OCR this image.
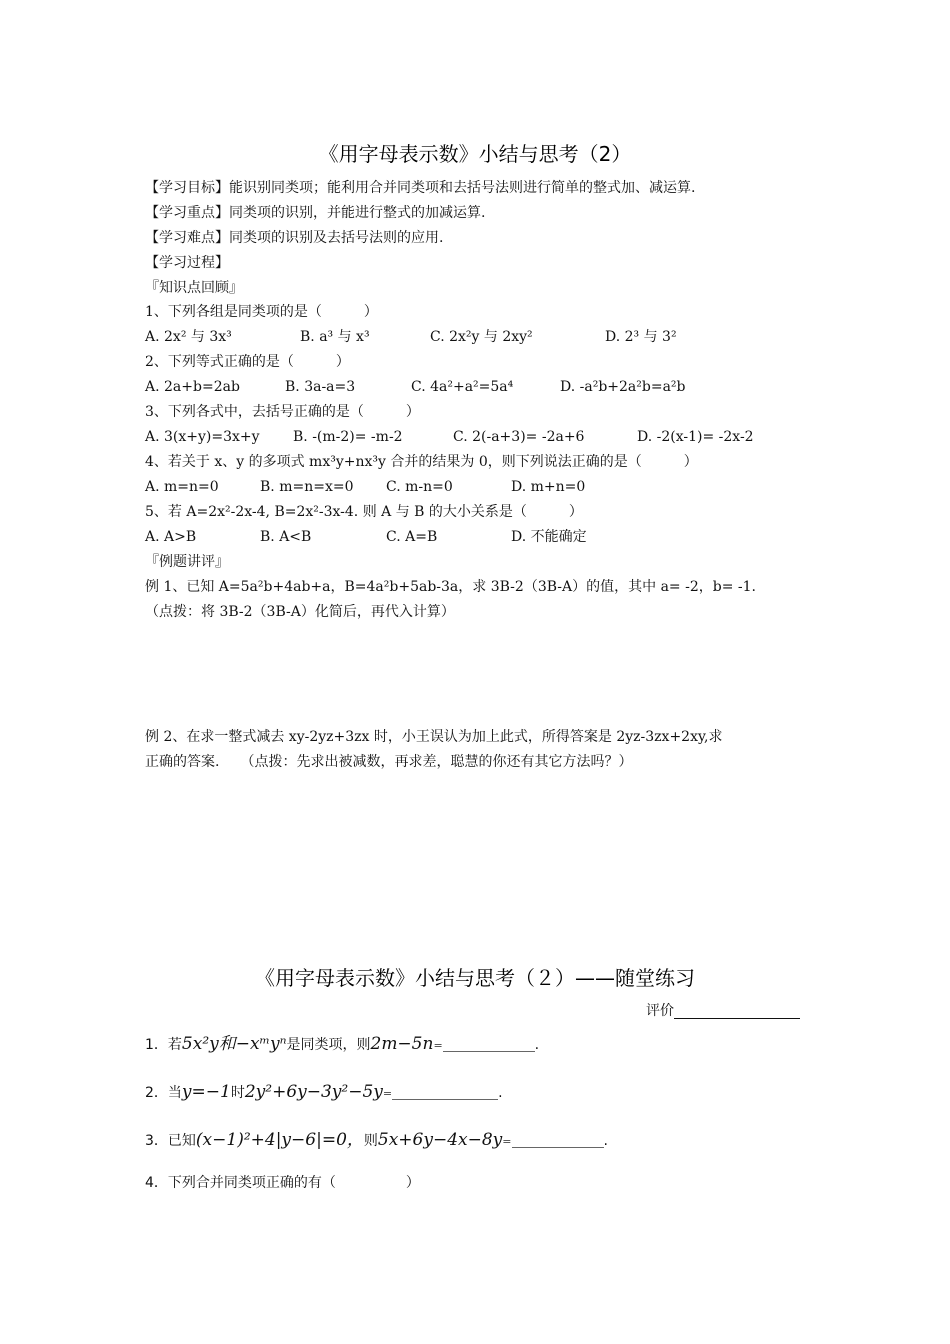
《用字母表示数》小结与思考（2）
【学习目标】能识别同类项；能利用合并同类项和去括号法则进行简单的整式加、减运算.
【学习重点】同类项的识别，并能进行整式的加减运算.
【学习难点】同类项的识别及去括号法则的应用.
【学习过程】
『知识点回顾』
1、下列各组是同类项的是（　　　）
A. 2x² 与 3x³	B. a³ 与 x³	C. 2x²y 与 2xy²	D. 2³ 与 3²
2、下列等式正确的是（　　　）
A. 2a+b=2ab	B. 3a-a=3	C. 4a²+a²=5a⁴	D. -a²b+2a²b=a²b
3、下列各式中，去括号正确的是（　　　）
A. 3(x+y)=3x+y B. -(m-2)= -m-2	C. 2(-a+3)= -2a+6	D. -2(x-1)= -2x-2
4、若关于 x、y 的多项式 mx³y+nx³y 合并的结果为 0，则下列说法正确的是（　　　）
A. m=n=0	B. m=n=x=0 C. m-n=0	D. m+n=0
5、若 A=2x²-2x-4, B=2x²-3x-4. 则 A 与 B 的大小关系是（　　　）
A. A>B	B. A<B	C. A=B	D. 不能确定
『例题讲评』
例 1、已知 A=5a²b+4ab+a，B=4a²b+5ab-3a，求 3B-2（3B-A）的值，其中 a= -2，b= -1.
（点拨：将 3B-2（3B-A）化简后，再代入计算）
例 2、在求一整式减去 xy-2yz+3zx 时，小王误认为加上此式，所得答案是 2yz-3zx+2xy,求
正确的答案.　　（点拨：先求出被减数，再求差，聪慧的你还有其它方法吗？）
《用字母表示数》小结与思考（２）——随堂练习
评价
1．若5x²y和−xᵐyⁿ是同类项，则2m−5n=	.
2．当y=−1时2y²+6y−3y²−5y=	.
3．已知(x−1)²+4|y−6|=0，则5x+6y−4x−8y=	.
4．下列合并同类项正确的有（　　　　　）
